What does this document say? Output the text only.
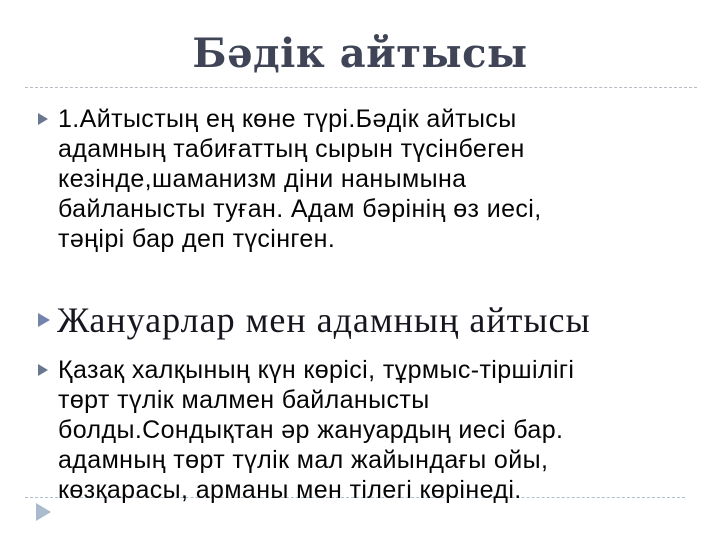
Бәдік айтысы
1.Айтыстың ең көне түрі.Бәдік айтысы
адамның табиғаттың сырын түсінбеген
кезінде,шаманизм діни нанымына
байланысты туған. Адам бәрінің өз иесі,
тәңірі бар деп түсінген.
Жануарлар мен адамның айтысы
Қазақ халқының күн көрісі, тұрмыс-тіршілігі
төрт түлік малмен байланысты
болды.Сондықтан әр жануардың иесі бар.
адамның төрт түлік мал жайындағы ойы,
көзқарасы, арманы мен тілегі көрінеді.
